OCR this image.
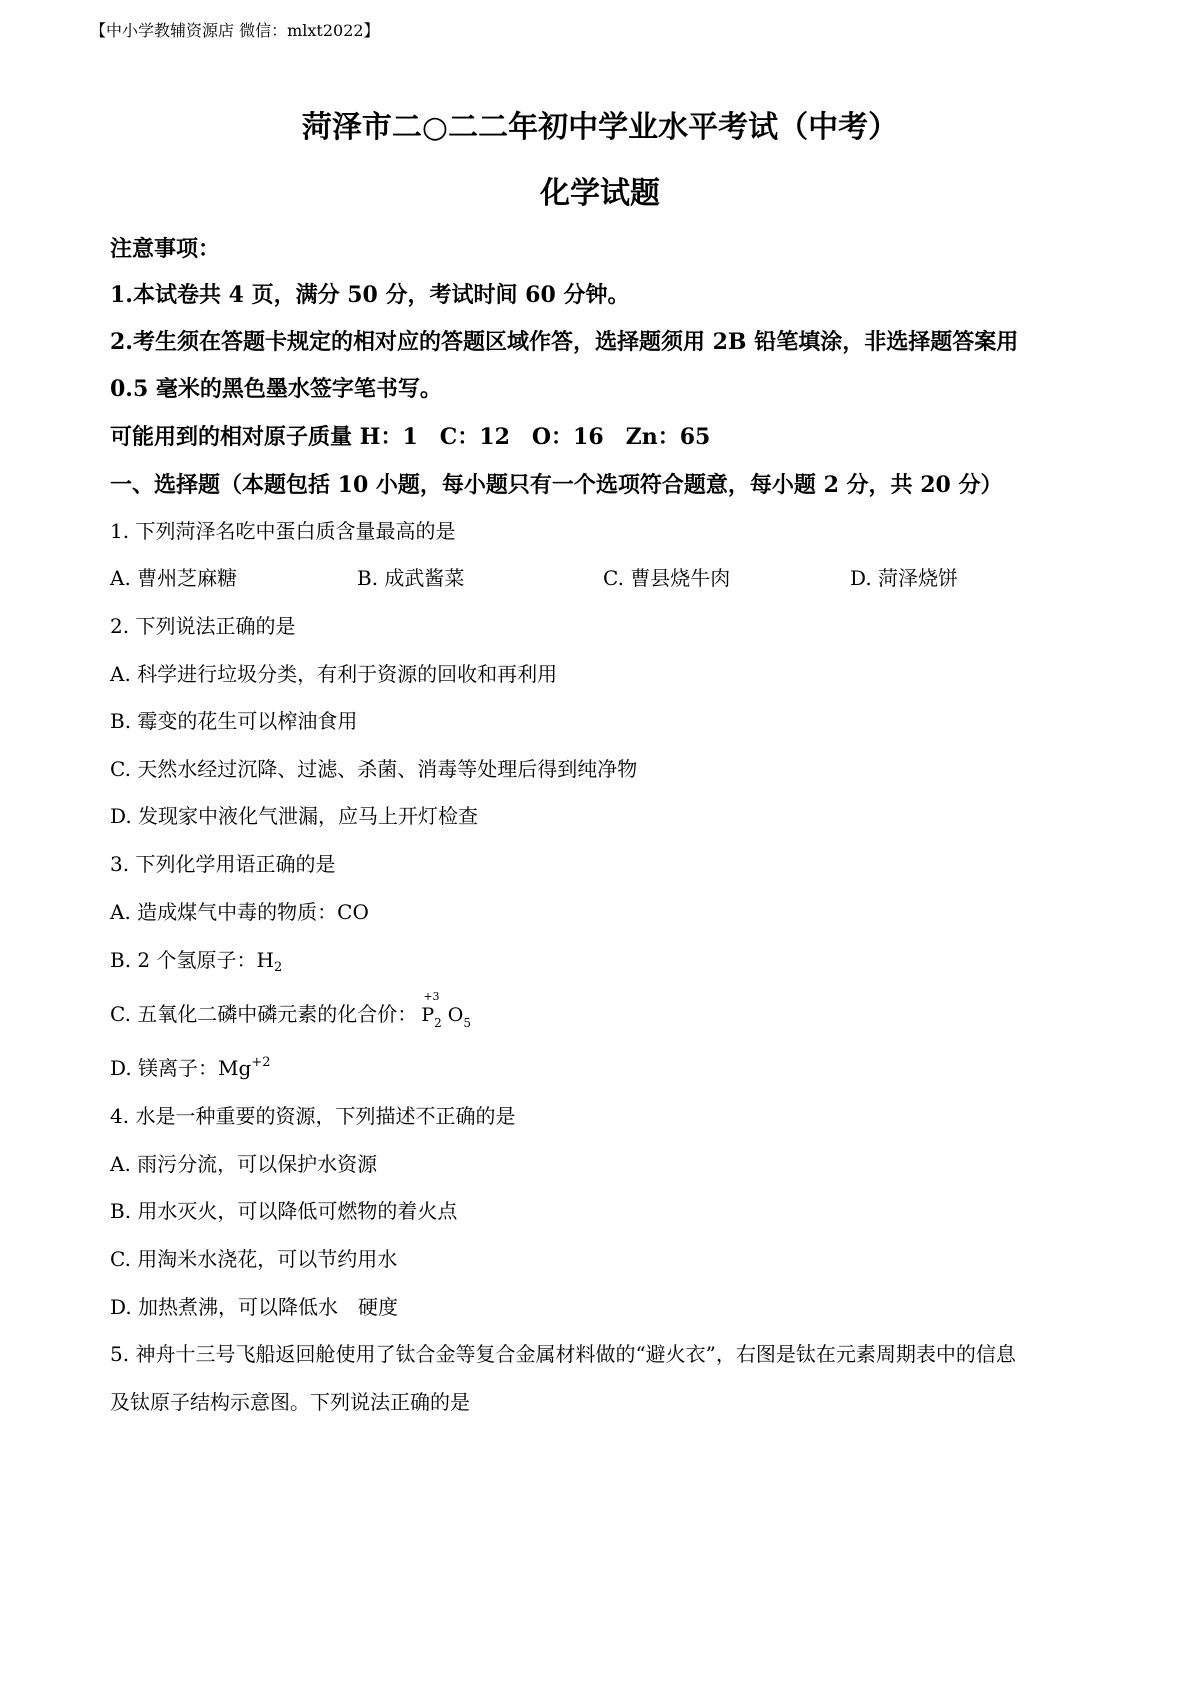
【中小学教辅资源店 微信：mlxt2022】
菏泽市二○二二年初中学业水平考试（中考）
化学试题
注意事项：
1.本试卷共 4 页，满分 50 分，考试时间 60 分钟。
2.考生须在答题卡规定的相对应的答题区域作答，选择题须用 2B 铅笔填涂，非选择题答案用
0.5 毫米的黑色墨水签字笔书写。
可能用到的相对原子质量 H：1　C：12　O：16　Zn：65
一、选择题（本题包括 10 小题，每小题只有一个选项符合题意，每小题 2 分，共 20 分）
1. 下列菏泽名吃中蛋白质含量最高的是
A. 曹州芝麻糖	B. 成武酱菜	C. 曹县烧牛肉	D. 菏泽烧饼
2. 下列说法正确的是
A. 科学进行垃圾分类，有利于资源的回收和再利用
B. 霉变的花生可以榨油食用
C. 天然水经过沉降、过滤、杀菌、消毒等处理后得到纯净物
D. 发现家中液化气泄漏，应马上开灯检查
3. 下列化学用语正确的是
A. 造成煤气中毒的物质：CO
B. 2 个氢原子：$H_2$
C. 五氧化二磷中磷元素的化合价：
+3
$P_2$ $O_5$
D. 镁离子：$Mg^{+2}$
4. 水是一种重要的资源，下列描述不正确的是
A. 雨污分流，可以保护水资源
B. 用水灭火，可以降低可燃物的着火点
C. 用淘米水浇花，可以节约用水
D. 加热煮沸，可以降低水　硬度
5. 神舟十三号飞船返回舱使用了钛合金等复合金属材料做的“避火衣”，右图是钛在元素周期表中的信息
及钛原子结构示意图。下列说法正确的是
